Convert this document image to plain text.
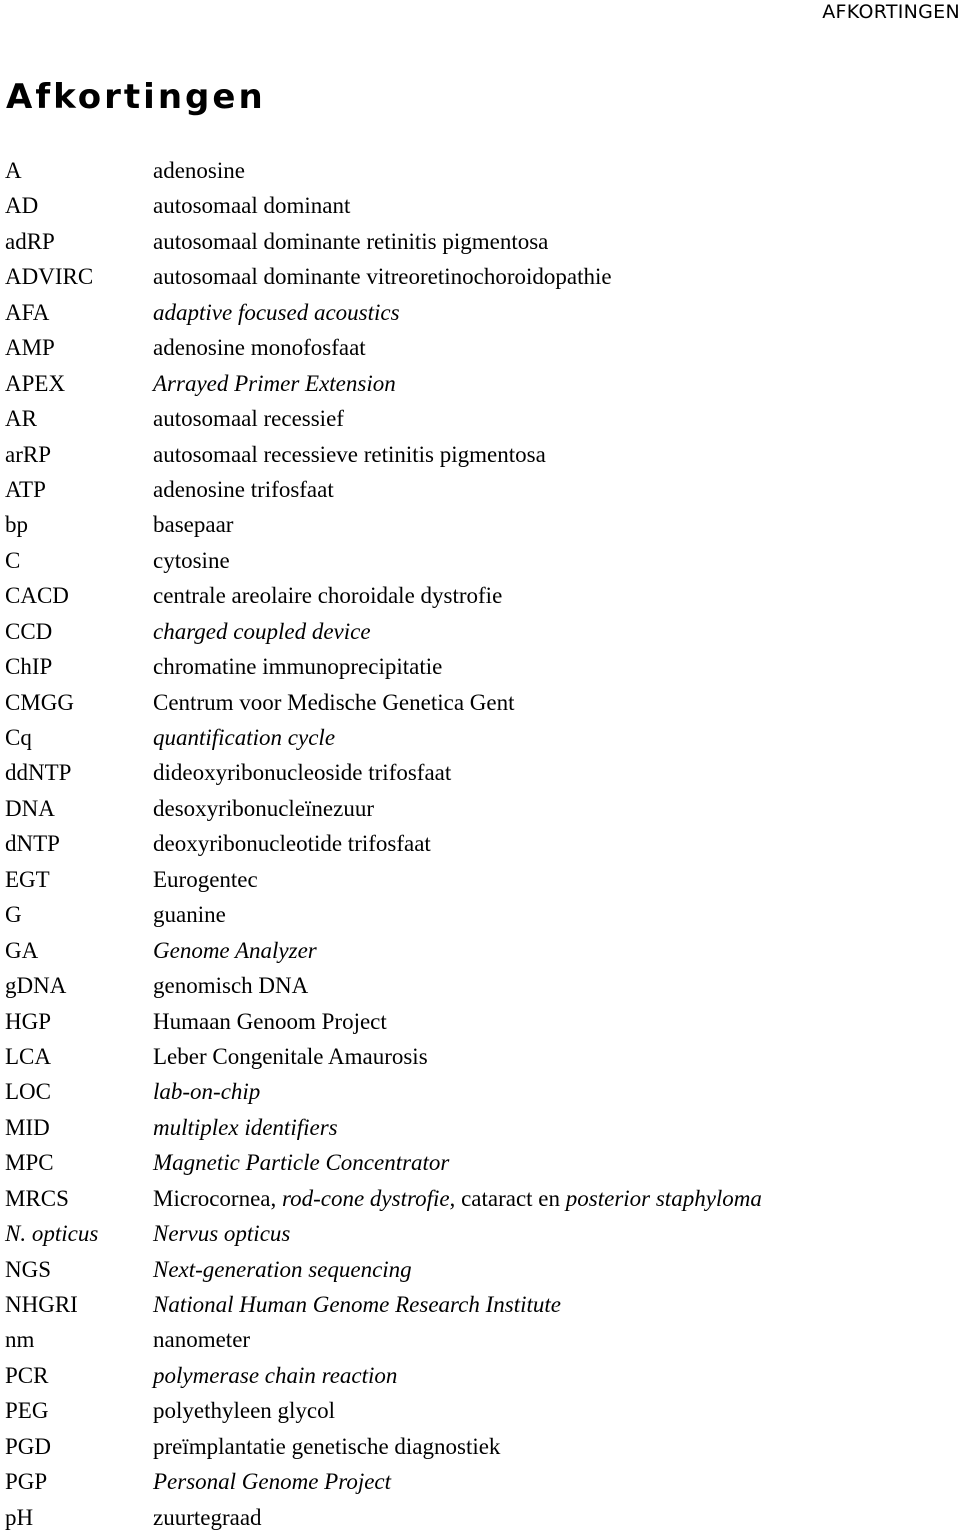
AFKORTINGEN
Afkortingen
A	adenosine
AD	autosomaal dominant
adRP	autosomaal dominante retinitis pigmentosa
ADVIRC	autosomaal dominante vitreoretinochoroidopathie
AFA	adaptive focused acoustics
AMP	adenosine monofosfaat
APEX	Arrayed Primer Extension
AR	autosomaal recessief
arRP	autosomaal recessieve retinitis pigmentosa
ATP	adenosine trifosfaat
bp	basepaar
C	cytosine
CACD	centrale areolaire choroidale dystrofie
CCD	charged coupled device
ChIP	chromatine immunoprecipitatie
CMGG	Centrum voor Medische Genetica Gent
Cq	quantification cycle
ddNTP	dideoxyribonucleoside trifosfaat
DNA	desoxyribonucleïnezuur
dNTP	deoxyribonucleotide trifosfaat
EGT	Eurogentec
G	guanine
GA	Genome Analyzer
gDNA	genomisch DNA
HGP	Humaan Genoom Project
LCA	Leber Congenitale Amaurosis
LOC	lab-on-chip
MID	multiplex identifiers
MPC	Magnetic Particle Concentrator
MRCS	Microcornea, rod-cone dystrofie, cataract en posterior staphyloma
N. opticus	Nervus opticus
NGS	Next-generation sequencing
NHGRI	National Human Genome Research Institute
nm	nanometer
PCR	polymerase chain reaction
PEG	polyethyleen glycol
PGD	preïmplantatie genetische diagnostiek
PGP	Personal Genome Project
pH	zuurtegraad
